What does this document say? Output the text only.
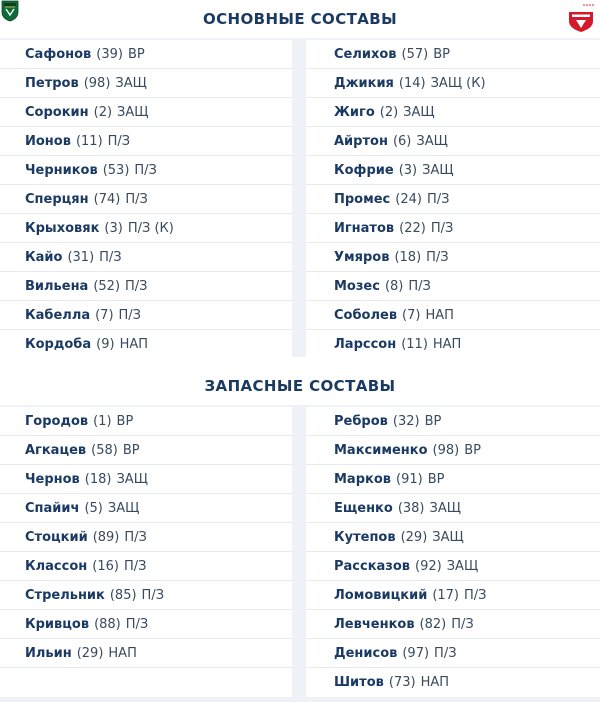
ОСНОВНЫЕ СОСТАВЫ
Сафонов (39) ВР
Петров (98) ЗАЩ
Сорокин (2) ЗАЩ
Ионов (11) П/З
Черников (53) П/З
Сперцян (74) П/З
Крыховяк (3) П/З (К)
Кайо (31) П/З
Вильена (52) П/З
Кабелла (7) П/З
Кордоба (9) НАП
Селихов (57) ВР
Джикия (14) ЗАЩ (К)
Жиго (2) ЗАЩ
Айртон (6) ЗАЩ
Кофрие (3) ЗАЩ
Промес (24) П/З
Игнатов (22) П/З
Умяров (18) П/З
Мозес (8) П/З
Соболев (7) НАП
Ларссон (11) НАП
ЗАПАСНЫЕ СОСТАВЫ
Городов (1) ВР
Агкацев (58) ВР
Чернов (18) ЗАЩ
Спайич (5) ЗАЩ
Стоцкий (89) П/З
Классон (16) П/З
Стрельник (85) П/З
Кривцов (88) П/З
Ильин (29) НАП
Ребров (32) ВР
Максименко (98) ВР
Марков (91) ВР
Ещенко (38) ЗАЩ
Кутепов (29) ЗАЩ
Рассказов (92) ЗАЩ
Ломовицкий (17) П/З
Левченков (82) П/З
Денисов (97) П/З
Шитов (73) НАП
